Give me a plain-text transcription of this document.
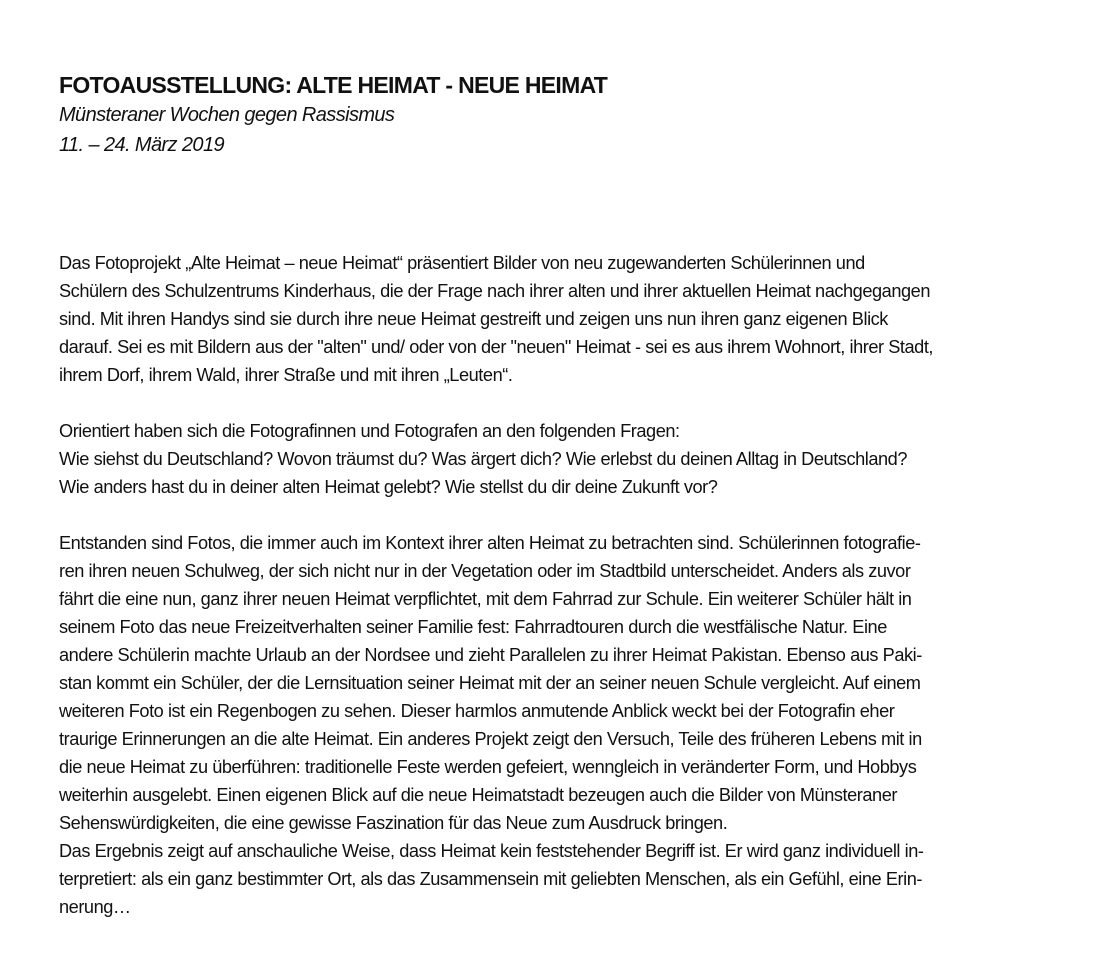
FOTOAUSSTELLUNG: ALTE HEIMAT - NEUE HEIMAT
Münsteraner Wochen gegen Rassismus
11. – 24. März 2019

Das Fotoprojekt „Alte Heimat – neue Heimat“ präsentiert Bilder von neu zugewanderten Schülerinnen und
Schülern des Schulzentrums Kinderhaus, die der Frage nach ihrer alten und ihrer aktuellen Heimat nachgegangen
sind. Mit ihren Handys sind sie durch ihre neue Heimat gestreift und zeigen uns nun ihren ganz eigenen Blick
darauf. Sei es mit Bildern aus der "alten" und/ oder von der "neuen" Heimat - sei es aus ihrem Wohnort, ihrer Stadt,
ihrem Dorf, ihrem Wald, ihrer Straße und mit ihren „Leuten“.

Orientiert haben sich die Fotografinnen und Fotografen an den folgenden Fragen:
Wie siehst du Deutschland? Wovon träumst du? Was ärgert dich? Wie erlebst du deinen Alltag in Deutschland?
Wie anders hast du in deiner alten Heimat gelebt? Wie stellst du dir deine Zukunft vor?

Entstanden sind Fotos, die immer auch im Kontext ihrer alten Heimat zu betrachten sind. Schülerinnen fotografie-
ren ihren neuen Schulweg, der sich nicht nur in der Vegetation oder im Stadtbild unterscheidet. Anders als zuvor
fährt die eine nun, ganz ihrer neuen Heimat verpflichtet, mit dem Fahrrad zur Schule. Ein weiterer Schüler hält in
seinem Foto das neue Freizeitverhalten seiner Familie fest: Fahrradtouren durch die westfälische Natur. Eine
andere Schülerin machte Urlaub an der Nordsee und zieht Parallelen zu ihrer Heimat Pakistan. Ebenso aus Paki-
stan kommt ein Schüler, der die Lernsituation seiner Heimat mit der an seiner neuen Schule vergleicht. Auf einem
weiteren Foto ist ein Regenbogen zu sehen. Dieser harmlos anmutende Anblick weckt bei der Fotografin eher
traurige Erinnerungen an die alte Heimat. Ein anderes Projekt zeigt den Versuch, Teile des früheren Lebens mit in
die neue Heimat zu überführen: traditionelle Feste werden gefeiert, wenngleich in veränderter Form, und Hobbys
weiterhin ausgelebt. Einen eigenen Blick auf die neue Heimatstadt bezeugen auch die Bilder von Münsteraner
Sehenswürdigkeiten, die eine gewisse Faszination für das Neue zum Ausdruck bringen.

Das Ergebnis zeigt auf anschauliche Weise, dass Heimat kein feststehender Begriff ist. Er wird ganz individuell in-
terpretiert: als ein ganz bestimmter Ort, als das Zusammensein mit geliebten Menschen, als ein Gefühl, eine Erin-
nerung…
